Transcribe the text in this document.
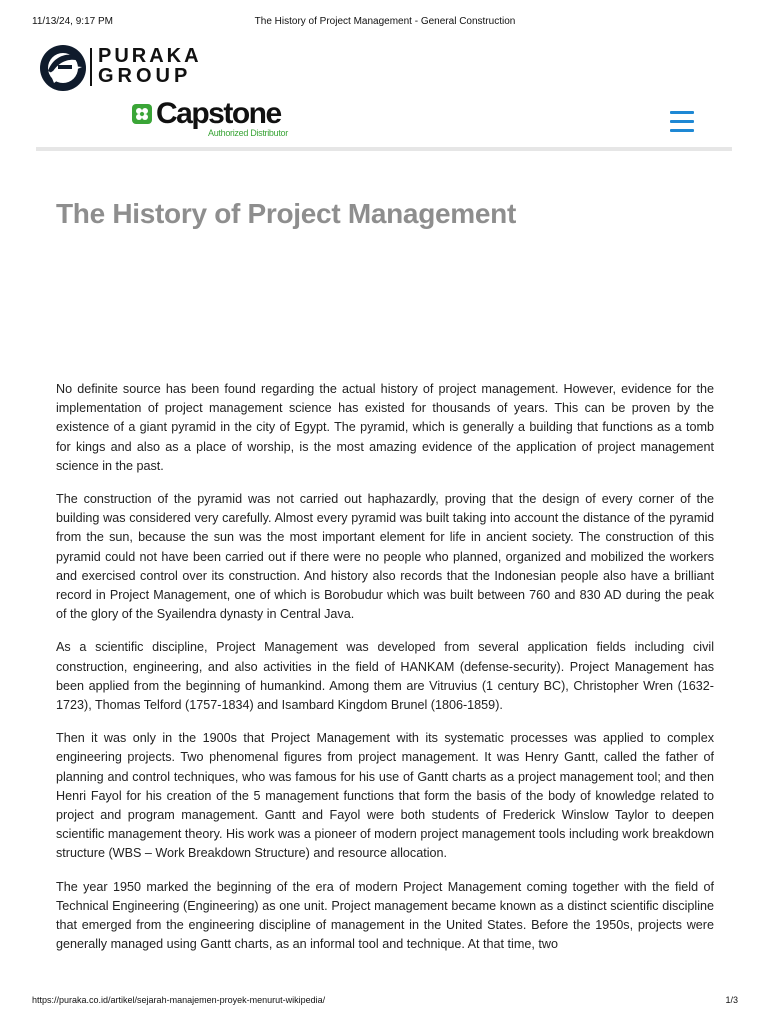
11/13/24, 9:17 PM	The History of Project Management - General Construction
PURAKA
GROUP
Capstone
Authorized Distributor
The History of Project Management

No definite source has been found regarding the actual history of project management. However, evidence for the implementation of project management science has existed for thousands of years. This can be proven by the existence of a giant pyramid in the city of Egypt. The pyramid, which is generally a building that functions as a tomb for kings and also as a place of worship, is the most amazing evidence of the application of project management science in the past.

The construction of the pyramid was not carried out haphazardly, proving that the design of every corner of the building was considered very carefully. Almost every pyramid was built taking into account the distance of the pyramid from the sun, because the sun was the most important element for life in ancient society. The construction of this pyramid could not have been carried out if there were no people who planned, organized and mobilized the workers and exercised control over its construction. And history also records that the Indonesian people also have a brilliant record in Project Management, one of which is Borobudur which was built between 760 and 830 AD during the peak of the glory of the Syailendra dynasty in Central Java.

As a scientific discipline, Project Management was developed from several application fields including civil construction, engineering, and also activities in the field of HANKAM (defense-security). Project Management has been applied from the beginning of humankind. Among them are Vitruvius (1 century BC), Christopher Wren (1632-1723), Thomas Telford (1757-1834) and Isambard Kingdom Brunel (1806-1859).

Then it was only in the 1900s that Project Management with its systematic processes was applied to complex engineering projects. Two phenomenal figures from project management. It was Henry Gantt, called the father of planning and control techniques, who was famous for his use of Gantt charts as a project management tool; and then Henri Fayol for his creation of the 5 management functions that form the basis of the body of knowledge related to project and program management. Gantt and Fayol were both students of Frederick Winslow Taylor to deepen scientific management theory. His work was a pioneer of modern project management tools including work breakdown structure (WBS – Work Breakdown Structure) and resource allocation.

The year 1950 marked the beginning of the era of modern Project Management coming together with the field of Technical Engineering (Engineering) as one unit. Project management became known as a distinct scientific discipline that emerged from the engineering discipline of management in the United States. Before the 1950s, projects were generally managed using Gantt charts, as an informal tool and technique. At that time, two

https://puraka.co.id/artikel/sejarah-manajemen-proyek-menurut-wikipedia/	1/3
